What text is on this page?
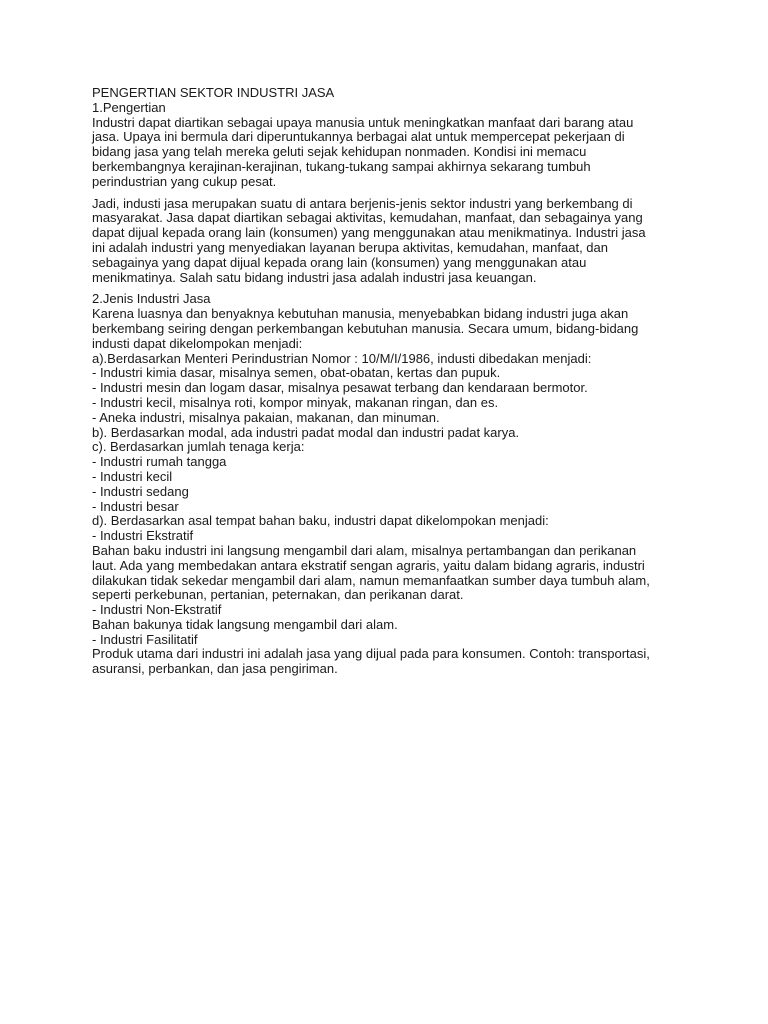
PENGERTIAN SEKTOR INDUSTRI JASA
1.Pengertian
Industri dapat diartikan sebagai upaya manusia untuk meningkatkan manfaat dari barang atau
jasa. Upaya ini bermula dari diperuntukannya berbagai alat untuk mempercepat pekerjaan di
bidang jasa yang telah mereka geluti sejak kehidupan nonmaden. Kondisi ini memacu
berkembangnya kerajinan-kerajinan, tukang-tukang sampai akhirnya sekarang tumbuh
perindustrian yang cukup pesat.
Jadi, industi jasa merupakan suatu di antara berjenis-jenis sektor industri yang berkembang di
masyarakat. Jasa dapat diartikan sebagai aktivitas, kemudahan, manfaat, dan sebagainya yang
dapat dijual kepada orang lain (konsumen) yang menggunakan atau menikmatinya. Industri jasa
ini adalah industri yang menyediakan layanan berupa aktivitas, kemudahan, manfaat, dan
sebagainya yang dapat dijual kepada orang lain (konsumen) yang menggunakan atau
menikmatinya. Salah satu bidang industri jasa adalah industri jasa keuangan.
2.Jenis Industri Jasa
Karena luasnya dan benyaknya kebutuhan manusia, menyebabkan bidang industri juga akan
berkembang seiring dengan perkembangan kebutuhan manusia. Secara umum, bidang-bidang
industi dapat dikelompokan menjadi:
a).Berdasarkan Menteri Perindustrian Nomor : 10/M/I/1986, industi dibedakan menjadi:
- Industri kimia dasar, misalnya semen, obat-obatan, kertas dan pupuk.
- Industri mesin dan logam dasar, misalnya pesawat terbang dan kendaraan bermotor.
- Industri kecil, misalnya roti, kompor minyak, makanan ringan, dan es.
- Aneka industri, misalnya pakaian, makanan, dan minuman.
b). Berdasarkan modal, ada industri padat modal dan industri padat karya.
c). Berdasarkan jumlah tenaga kerja:
- Industri rumah tangga
- Industri kecil
- Industri sedang
- Industri besar
d). Berdasarkan asal tempat bahan baku, industri dapat dikelompokan menjadi:
- Industri Ekstratif
Bahan baku industri ini langsung mengambil dari alam, misalnya pertambangan dan perikanan
laut. Ada yang membedakan antara ekstratif sengan agraris, yaitu dalam bidang agraris, industri
dilakukan tidak sekedar mengambil dari alam, namun memanfaatkan sumber daya tumbuh alam,
seperti perkebunan, pertanian, peternakan, dan perikanan darat.
- Industri Non-Ekstratif
Bahan bakunya tidak langsung mengambil dari alam.
- Industri Fasilitatif
Produk utama dari industri ini adalah jasa yang dijual pada para konsumen. Contoh: transportasi,
asuransi, perbankan, dan jasa pengiriman.
